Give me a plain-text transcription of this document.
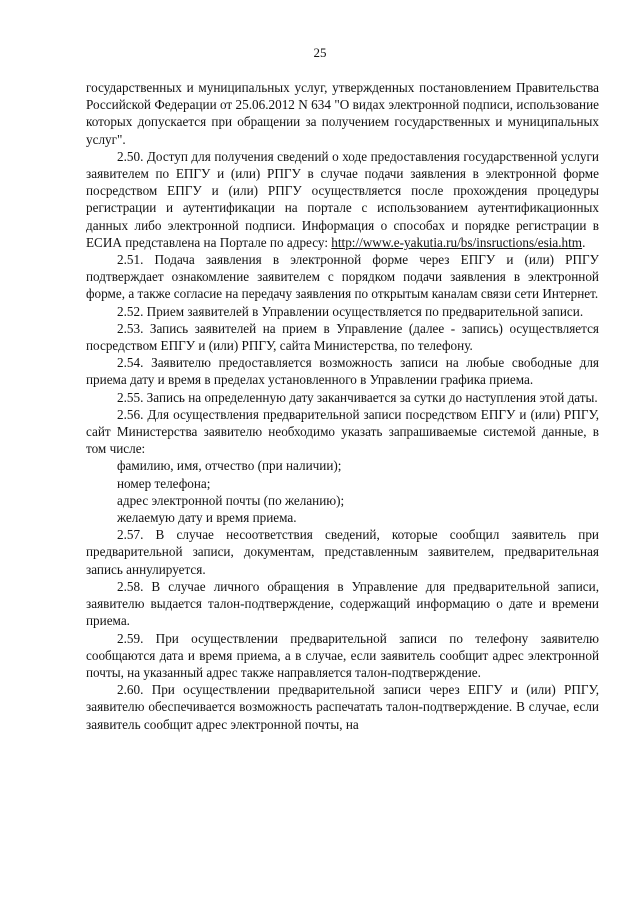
25

государственных и муниципальных услуг, утвержденных постановлением Правительства Российской Федерации от 25.06.2012 N 634 "О видах электронной подписи, использование которых допускается при обращении за получением государственных и муниципальных услуг".

2.50. Доступ для получения сведений о ходе предоставления государственной услуги заявителем по ЕПГУ и (или) РПГУ в случае подачи заявления в электронной форме посредством ЕПГУ и (или) РПГУ осуществляется после прохождения процедуры регистрации и аутентификации на портале с использованием аутентификационных данных либо электронной подписи. Информация о способах и порядке регистрации в ЕСИА представлена на Портале по адресу: http://www.e-yakutia.ru/bs/insructions/esia.htm.

2.51. Подача заявления в электронной форме через ЕПГУ и (или) РПГУ подтверждает ознакомление заявителем с порядком подачи заявления в электронной форме, а также согласие на передачу заявления по открытым каналам связи сети Интернет.

2.52. Прием заявителей в Управлении осуществляется по предварительной записи.

2.53. Запись заявителей на прием в Управление (далее - запись) осуществляется посредством ЕПГУ и (или) РПГУ, сайта Министерства, по телефону.

2.54. Заявителю предоставляется возможность записи на любые свободные для приема дату и время в пределах установленного в Управлении графика приема.

2.55. Запись на определенную дату заканчивается за сутки до наступления этой даты.

2.56. Для осуществления предварительной записи посредством ЕПГУ и (или) РПГУ, сайт Министерства заявителю необходимо указать запрашиваемые системой данные, в том числе:

фамилию, имя, отчество (при наличии);

номер телефона;

адрес электронной почты (по желанию);

желаемую дату и время приема.

2.57. В случае несоответствия сведений, которые сообщил заявитель при предварительной записи, документам, представленным заявителем, предварительная запись аннулируется.

2.58. В случае личного обращения в Управление для предварительной записи, заявителю выдается талон-подтверждение, содержащий информацию о дате и времени приема.

2.59. При осуществлении предварительной записи по телефону заявителю сообщаются дата и время приема, а в случае, если заявитель сообщит адрес электронной почты, на указанный адрес также направляется талон-подтверждение.

2.60. При осуществлении предварительной записи через ЕПГУ и (или) РПГУ, заявителю обеспечивается возможность распечатать талон-подтверждение. В случае, если заявитель сообщит адрес электронной почты, на
